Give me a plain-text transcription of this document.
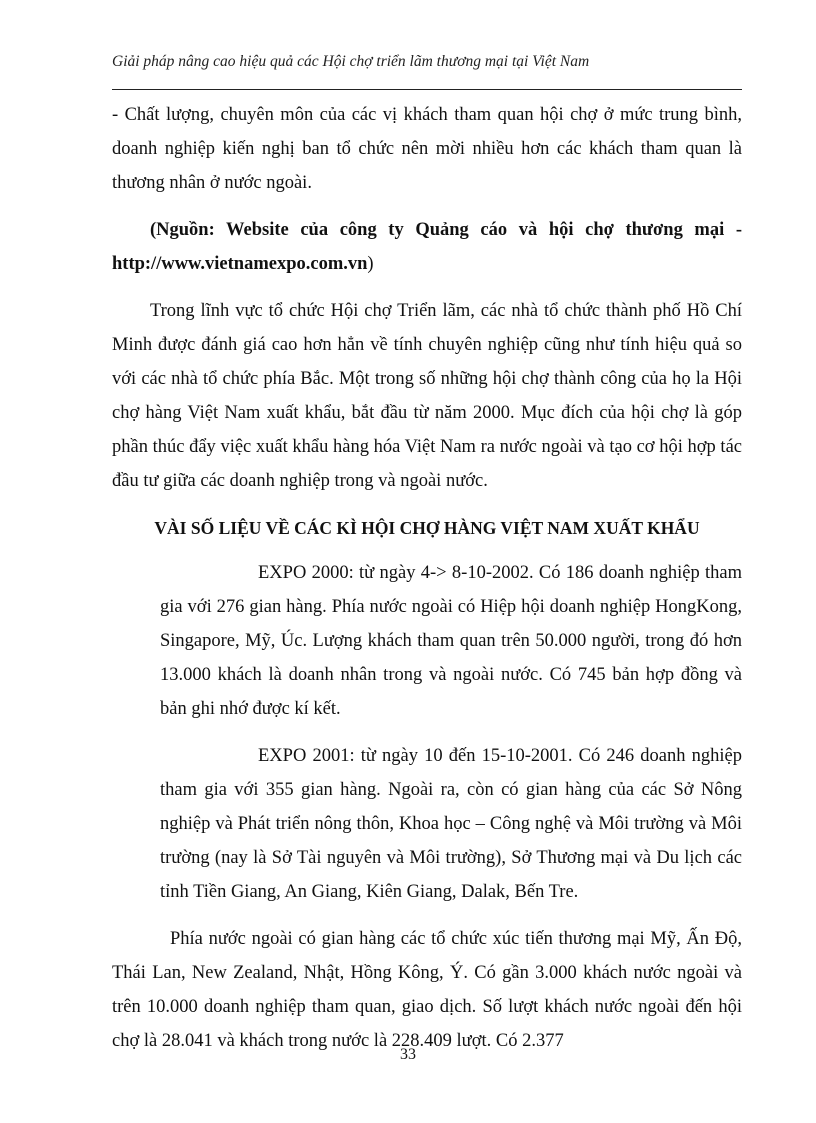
Giải pháp nâng cao hiệu quả các Hội chợ triển lãm thương mại tại Việt Nam

- Chất lượng, chuyên môn của các vị khách tham quan hội chợ ở mức trung bình, doanh nghiệp kiến nghị ban tổ chức nên mời nhiều hơn các khách tham quan là thương nhân ở nước ngoài.

(Nguồn: Website của công ty Quảng cáo và hội chợ thương mại - http://www.vietnamexpo.com.vn)

Trong lĩnh vực tổ chức Hội chợ Triển lãm, các nhà tổ chức thành phố Hồ Chí Minh được đánh giá cao hơn hẳn về tính chuyên nghiệp cũng như tính hiệu quả so với các nhà tổ chức phía Bắc. Một trong số những hội chợ thành công của họ la Hội chợ hàng Việt Nam xuất khẩu, bắt đầu từ năm 2000. Mục đích của hội chợ là góp phần thúc đẩy việc xuất khẩu hàng hóa Việt Nam ra nước ngoài và tạo cơ hội hợp tác đầu tư giữa các doanh nghiệp trong và ngoài nước.

VÀI SỐ LIỆU VỀ CÁC KÌ HỘI CHỢ HÀNG VIỆT NAM XUẤT KHẨU

EXPO 2000: từ ngày 4-> 8-10-2002. Có 186 doanh nghiệp tham gia với 276 gian hàng. Phía nước ngoài có Hiệp hội doanh nghiệp HongKong, Singapore, Mỹ, Úc. Lượng khách tham quan trên 50.000 người, trong đó hơn 13.000 khách là doanh nhân trong và ngoài nước. Có 745 bản hợp đồng và bản ghi nhớ được kí kết.

EXPO 2001: từ ngày 10 đến 15-10-2001. Có 246 doanh nghiệp tham gia với 355 gian hàng. Ngoài ra, còn có gian hàng của các Sở Nông nghiệp và Phát triển nông thôn, Khoa học – Công nghệ và Môi trường và Môi trường (nay là Sở Tài nguyên và Môi trường), Sở Thương mại và Du lịch các tỉnh Tiền Giang, An Giang, Kiên Giang, Dalak, Bến Tre.

Phía nước ngoài có gian hàng các tổ chức xúc tiến thương mại Mỹ, Ấn Độ, Thái Lan, New Zealand, Nhật, Hồng Kông, Ý. Có gần 3.000 khách nước ngoài và trên 10.000 doanh nghiệp tham quan, giao dịch. Số lượt khách nước ngoài đến hội chợ là 28.041 và khách trong nước là 228.409 lượt. Có 2.377

33
